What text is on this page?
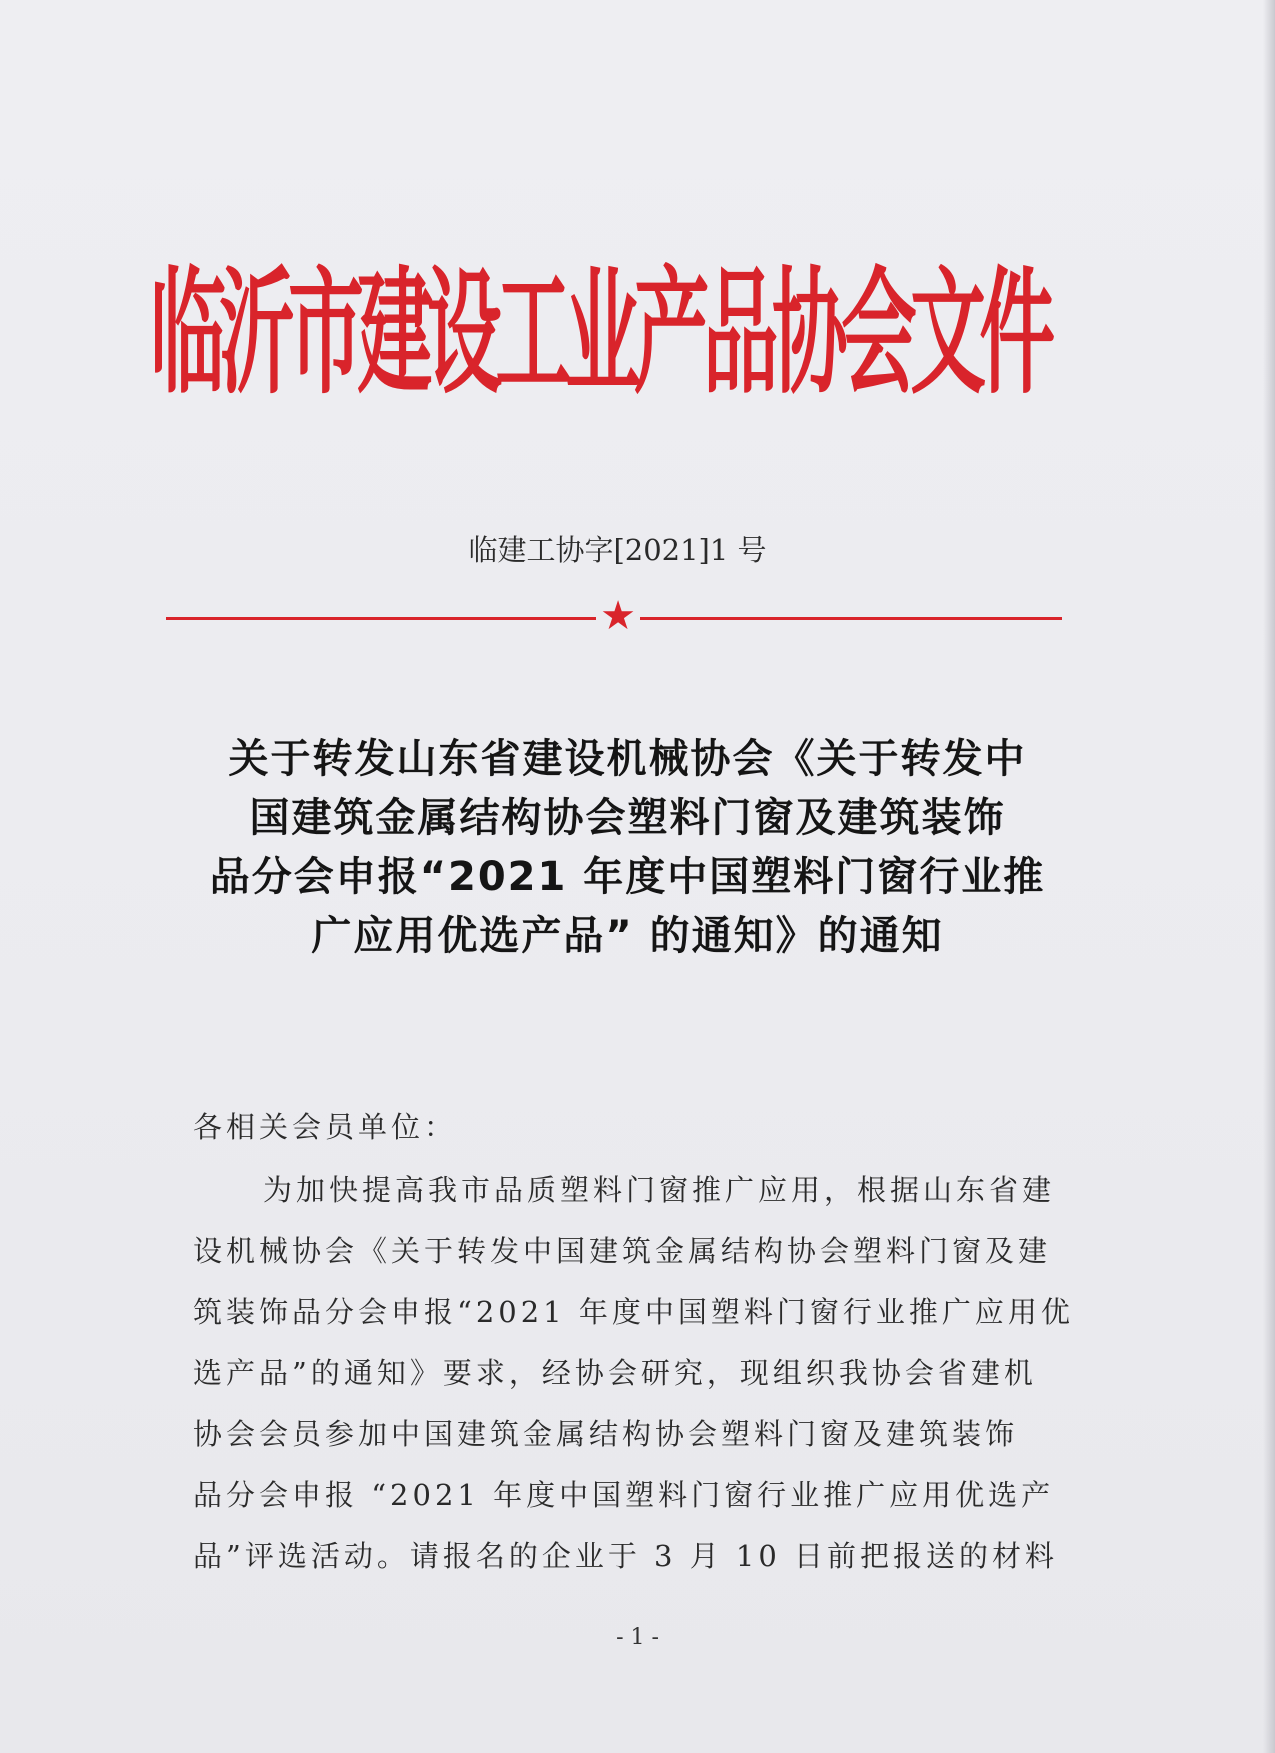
临沂市建设工业产品协会文件
临建工协字[2021]1 号
★
关于转发山东省建设机械协会《关于转发中
国建筑金属结构协会塑料门窗及建筑装饰
品分会申报“2021 年度中国塑料门窗行业推
广应用优选产品” 的通知》的通知
各相关会员单位：
为加快提高我市品质塑料门窗推广应用，根据山东省建
设机械协会《关于转发中国建筑金属结构协会塑料门窗及建
筑装饰品分会申报“2021 年度中国塑料门窗行业推广应用优
选产品”的通知》要求，经协会研究，现组织我协会省建机
协会会员参加中国建筑金属结构协会塑料门窗及建筑装饰
品分会申报 “2021 年度中国塑料门窗行业推广应用优选产
品”评选活动。请报名的企业于 3 月 10 日前把报送的材料
- 1 -
